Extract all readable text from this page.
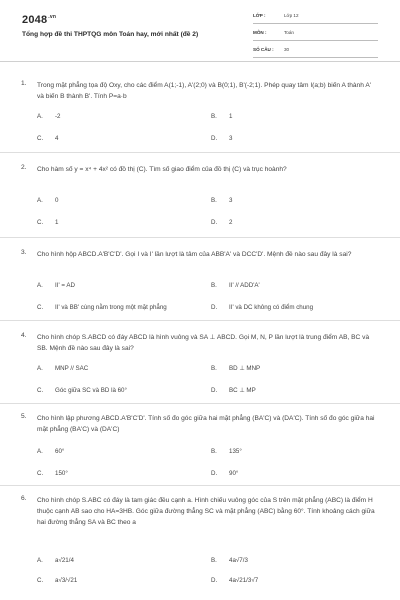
$2048^{.vn}$
Tổng hợp đề thi THPTQG môn Toán hay, mới nhất (đề 2)
LỚP :	Lớp 12
MÔN :	Toán
SỐ CÂU : 30
1. Trong mặt phẳng tọa độ Oxy, cho các điểm A(1;-1), A'(2;0) và B(0;1), B'(-2;1). Phép quay tâm I(a;b) biến A thành A' và biến B thành B'. Tính P=a·b
A. -2	B. 1
C. 4	D. 3
2. Cho hàm số y = x⁴ + 4x² có đồ thị (C). Tìm số giao điểm của đồ thị (C) và trục hoành?
A. 0	B. 3
C. 1	D. 2
3. Cho hình hộp ABCD.A'B'C'D'. Gọi I và I' lần lượt là tâm của ABB'A' và DCC'D'. Mệnh đề nào sau đây là sai?
A. II' = AD	B. II' // ADD'A'
C. II' và BB' cùng nằm trong một mặt phẳng	D. II' và DC không có điểm chung
4. Cho hình chóp S.ABCD có đáy ABCD là hình vuông và SA ⊥ ABCD. Gọi M, N, P lần lượt là trung điểm AB, BC và SB. Mệnh đề nào sau đây là sai?
A. MNP // SAC	B. BD ⊥ MNP
C. Góc giữa SC và BD là 60°	D. BC ⊥ MP
5. Cho hình lập phương ABCD.A'B'C'D'. Tính số đo góc giữa hai mặt phẳng (BA'C) và (DA'C). Tính số đo góc giữa hai mặt phẳng (BA'C) và (DA'C)
A. 60°	B. 135°
C. 150°	D. 90°
6. Cho hình chóp S.ABC có đáy là tam giác đều cạnh a. Hình chiếu vuông góc của S trên mặt phẳng (ABC) là điểm H thuộc cạnh AB sao cho HA=3HB. Góc giữa đường thẳng SC và mặt phẳng (ABC) bằng 60°. Tính khoảng cách giữa hai đường thẳng SA và BC theo a
A. a√21/4	B. 4a√7/3
C. a√3/√21	D. 4a√21/3√7
